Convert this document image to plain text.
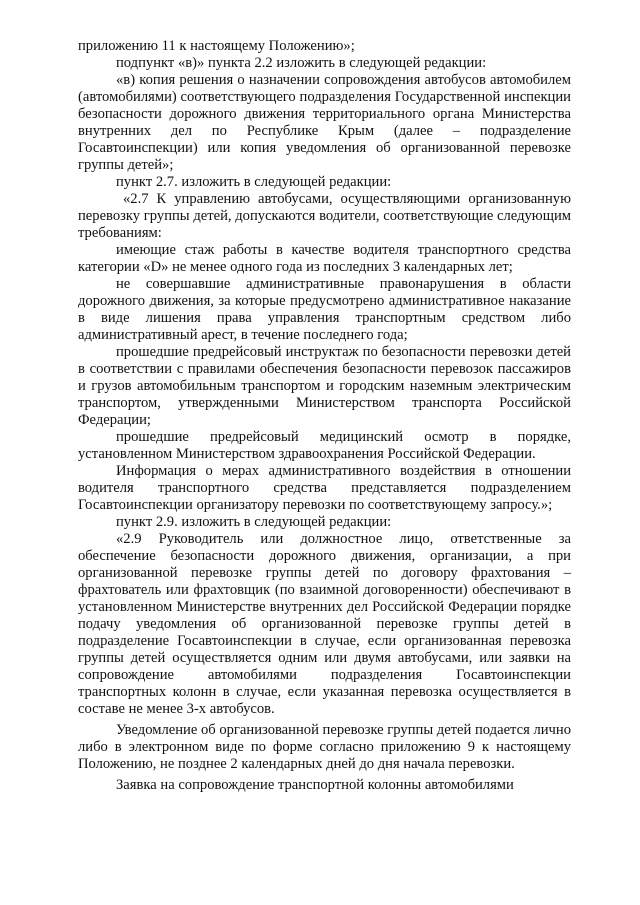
приложению 11 к настоящему Положению»;

подпункт «в)» пункта 2.2 изложить в следующей редакции:

«в) копия решения о назначении сопровождения автобусов автомобилем (автомобилями) соответствующего подразделения Государственной инспекции безопасности дорожного движения территориального органа Министерства внутренних дел по Республике Крым (далее – подразделение Госавтоинспекции) или копия уведомления об организованной перевозке группы детей»;

пункт 2.7. изложить в следующей редакции:

«2.7 К управлению автобусами, осуществляющими организованную перевозку группы детей, допускаются водители, соответствующие следующим требованиям:

имеющие стаж работы в качестве водителя транспортного средства категории «D» не менее одного года из последних 3 календарных лет;

не совершавшие административные правонарушения в области дорожного движения, за которые предусмотрено административное наказание в виде лишения права управления транспортным средством либо административный арест, в течение последнего года;

прошедшие предрейсовый инструктаж по безопасности перевозки детей в соответствии с правилами обеспечения безопасности перевозок пассажиров и грузов автомобильным транспортом и городским наземным электрическим транспортом, утвержденными Министерством транспорта Российской Федерации;

прошедшие предрейсовый медицинский осмотр в порядке, установленном Министерством здравоохранения Российской Федерации.

Информация о мерах административного воздействия в отношении водителя транспортного средства представляется подразделением Госавтоинспекции организатору перевозки по соответствующему запросу.»;

пункт 2.9. изложить в следующей редакции:

«2.9 Руководитель или должностное лицо, ответственные за обеспечение безопасности дорожного движения, организации, а при организованной перевозке группы детей по договору фрахтования – фрахтователь или фрахтовщик (по взаимной договоренности) обеспечивают в установленном Министерстве внутренних дел Российской Федерации порядке подачу уведомления об организованной перевозке группы детей в подразделение Госавтоинспекции в случае, если организованная перевозка группы детей осуществляется одним или двумя автобусами, или заявки на сопровождение автомобилями подразделения Госавтоинспекции транспортных колонн в случае, если указанная перевозка осуществляется в составе не менее 3-х автобусов.

Уведомление об организованной перевозке группы детей подается лично либо в электронном виде по форме согласно приложению 9 к настоящему Положению, не позднее 2 календарных дней до дня начала перевозки.

Заявка на сопровождение транспортной колонны автомобилями
